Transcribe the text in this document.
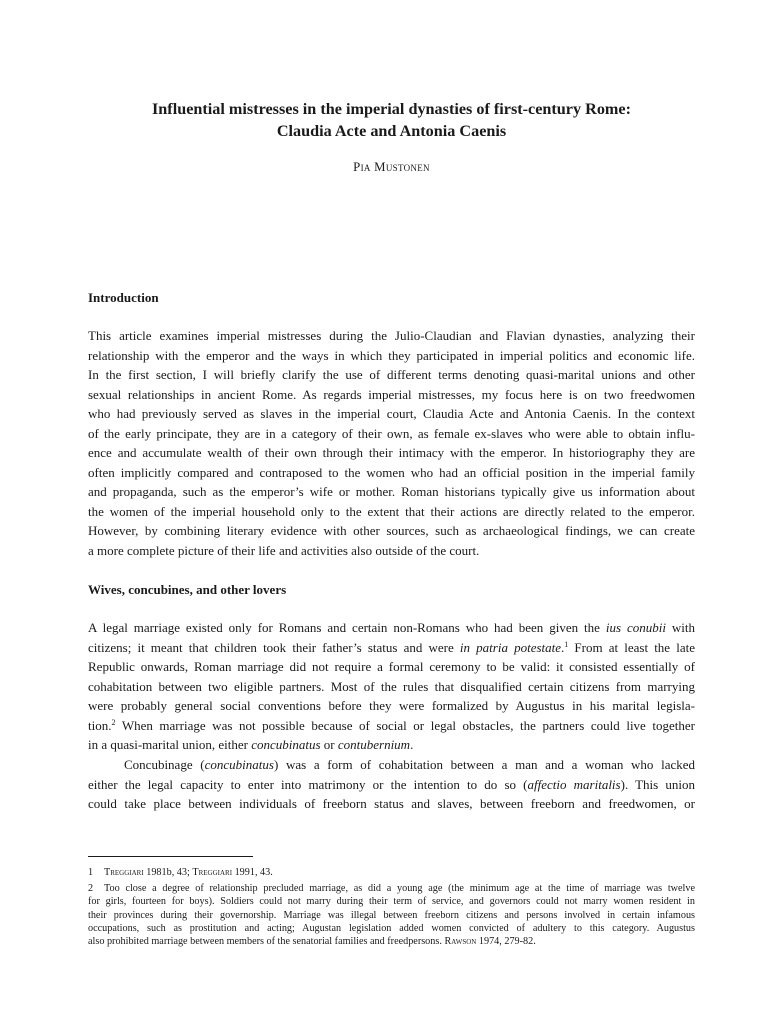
Influential mistresses in the imperial dynasties of first-century Rome:
Claudia Acte and Antonia Caenis
Pia Mustonen
Introduction

This article examines imperial mistresses during the Julio-Claudian and Flavian dynasties, analyzing their
relationship with the emperor and the ways in which they participated in imperial politics and economic life.
In the first section, I will briefly clarify the use of different terms denoting quasi-marital unions and other
sexual relationships in ancient Rome. As regards imperial mistresses, my focus here is on two freedwomen
who had previously served as slaves in the imperial court, Claudia Acte and Antonia Caenis. In the context
of the early principate, they are in a category of their own, as female ex-slaves who were able to obtain influ-
ence and accumulate wealth of their own through their intimacy with the emperor. In historiography they are
often implicitly compared and contraposed to the women who had an official position in the imperial family
and propaganda, such as the emperor’s wife or mother. Roman historians typically give us information about
the women of the imperial household only to the extent that their actions are directly related to the emperor.
However, by combining literary evidence with other sources, such as archaeological findings, we can create
a more complete picture of their life and activities also outside of the court.

Wives, concubines, and other lovers

A legal marriage existed only for Romans and certain non-Romans who had been given the ius conubii with
citizens; it meant that children took their father’s status and were in patria potestate.$^1$ From at least the late
Republic onwards, Roman marriage did not require a formal ceremony to be valid: it consisted essentially of
cohabitation between two eligible partners. Most of the rules that disqualified certain citizens from marrying
were probably general social conventions before they were formalized by Augustus in his marital legisla-
tion.$^2$ When marriage was not possible because of social or legal obstacles, the partners could live together
in a quasi-marital union, either concubinatus or contubernium.

Concubinage (concubinatus) was a form of cohabitation between a man and a woman who lacked
either the legal capacity to enter into matrimony or the intention to do so (affectio maritalis). This union
could take place between individuals of freeborn status and slaves, between freeborn and freedwomen, or

1 Treggiari 1981b, 43; Treggiari 1991, 43.

2 Too close a degree of relationship precluded marriage, as did a young age (the minimum age at the time of marriage was twelve
for girls, fourteen for boys). Soldiers could not marry during their term of service, and governors could not marry women resident in
their provinces during their governorship. Marriage was illegal between freeborn citizens and persons involved in certain infamous
occupations, such as prostitution and acting; Augustan legislation added women convicted of adultery to this category. Augustus
also prohibited marriage between members of the senatorial families and freedpersons. Rawson 1974, 279-82.
